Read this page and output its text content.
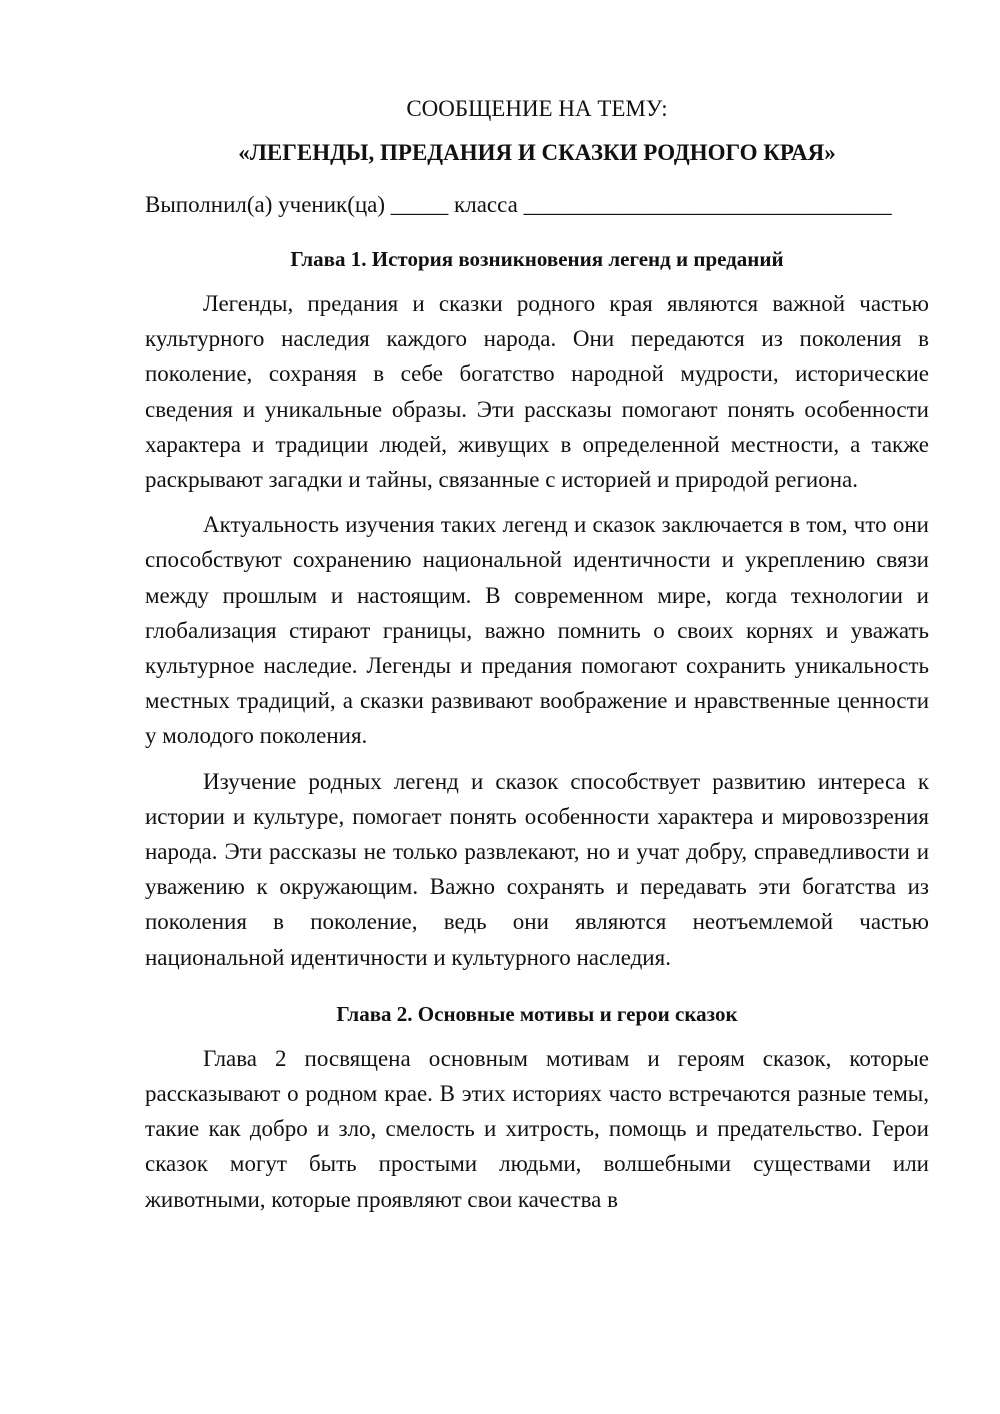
СООБЩЕНИЕ НА ТЕМУ:

«ЛЕГЕНДЫ, ПРЕДАНИЯ И СКАЗКИ РОДНОГО КРАЯ»

Выполнил(а) ученик(ца) _____ класса ________________________________

Глава 1. История возникновения легенд и преданий

Легенды, предания и сказки родного края являются важной частью культурного наследия каждого народа. Они передаются из поколения в поколение, сохраняя в себе богатство народной мудрости, исторические сведения и уникальные образы. Эти рассказы помогают понять особенности характера и традиции людей, живущих в определенной местности, а также раскрывают загадки и тайны, связанные с историей и природой региона.

Актуальность изучения таких легенд и сказок заключается в том, что они способствуют сохранению национальной идентичности и укреплению связи между прошлым и настоящим. В современном мире, когда технологии и глобализация стирают границы, важно помнить о своих корнях и уважать культурное наследие. Легенды и предания помогают сохранить уникальность местных традиций, а сказки развивают воображение и нравственные ценности у молодого поколения.

Изучение родных легенд и сказок способствует развитию интереса к истории и культуре, помогает понять особенности характера и мировоззрения народа. Эти рассказы не только развлекают, но и учат добру, справедливости и уважению к окружающим. Важно сохранять и передавать эти богатства из поколения в поколение, ведь они являются неотъемлемой частью национальной идентичности и культурного наследия.

Глава 2. Основные мотивы и герои сказок

Глава 2 посвящена основным мотивам и героям сказок, которые рассказывают о родном крае. В этих историях часто встречаются разные темы, такие как добро и зло, смелость и хитрость, помощь и предательство. Герои сказок могут быть простыми людьми, волшебными существами или животными, которые проявляют свои качества в
